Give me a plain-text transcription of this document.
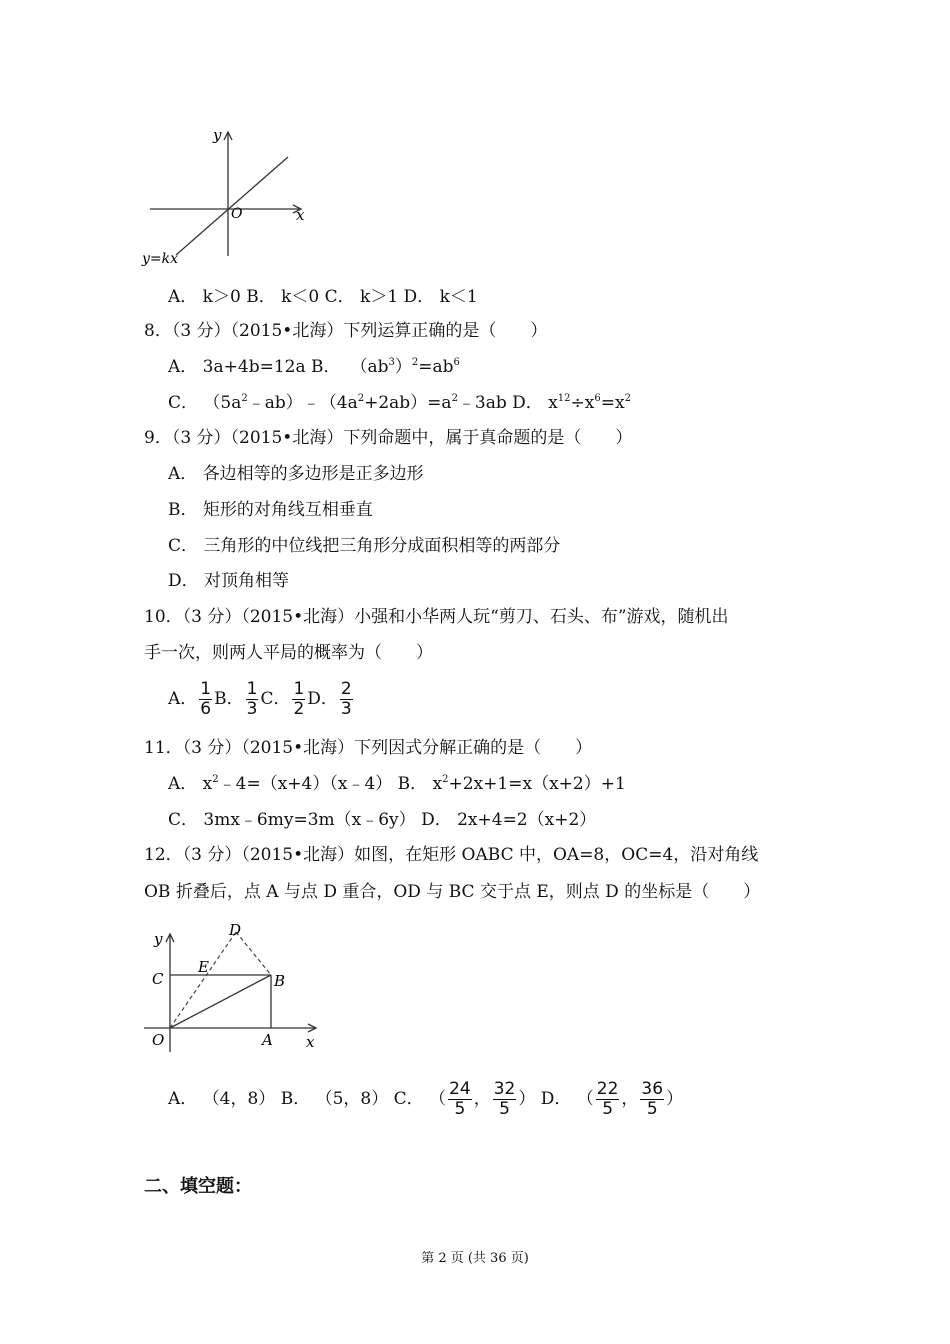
y
x
O
y=kx
A． k＞0 B． k＜0 C． k＞1 D． k＜1
8．（3 分）（2015•北海）下列运算正确的是（　　）
A． 3a+4b=12a B． $(ab^3)^2=ab^6$
C． $(5a^2﹣ab)﹣(4a^2+2ab)=a^2﹣3ab$ D． $x^{12}\div x^6=x^2$
9．（3 分）（2015•北海）下列命题中，属于真命题的是（　　）
A． 各边相等的多边形是正多边形
B． 矩形的对角线互相垂直
C． 三角形的中位线把三角形分成面积相等的两部分
D． 对顶角相等
10．（3 分）（2015•北海）小强和小华两人玩“剪刀、石头、布”游戏，随机出
手一次，则两人平局的概率为（　　）
A． $\frac{1}{6}$ B． $\frac{1}{3}$ C． $\frac{1}{2}$ D． $\frac{2}{3}$
11．（3 分）（2015•北海）下列因式分解正确的是（　　）
A． $x^2﹣4=(x+4)(x﹣4)$ B． $x^2+2x+1=x(x+2)+1$
C． 3mx﹣6my=3m（x﹣6y） D． 2x+4=2（x+2）
12．（3 分）（2015•北海）如图，在矩形 OABC 中，OA=8，OC=4，沿对角线
OB 折叠后，点 A 与点 D 重合，OD 与 BC 交于点 E，则点 D 的坐标是（　　）
y	D
C
E
B
O	A x
A． （4，8） B． （5，8） C． （ $\frac{24}{5}$ ， $\frac{32}{5}$ ） D． （ $\frac{22}{5}$ ， $\frac{36}{5}$ ）
二、填空题：
第 2 页 (共 36 页)
